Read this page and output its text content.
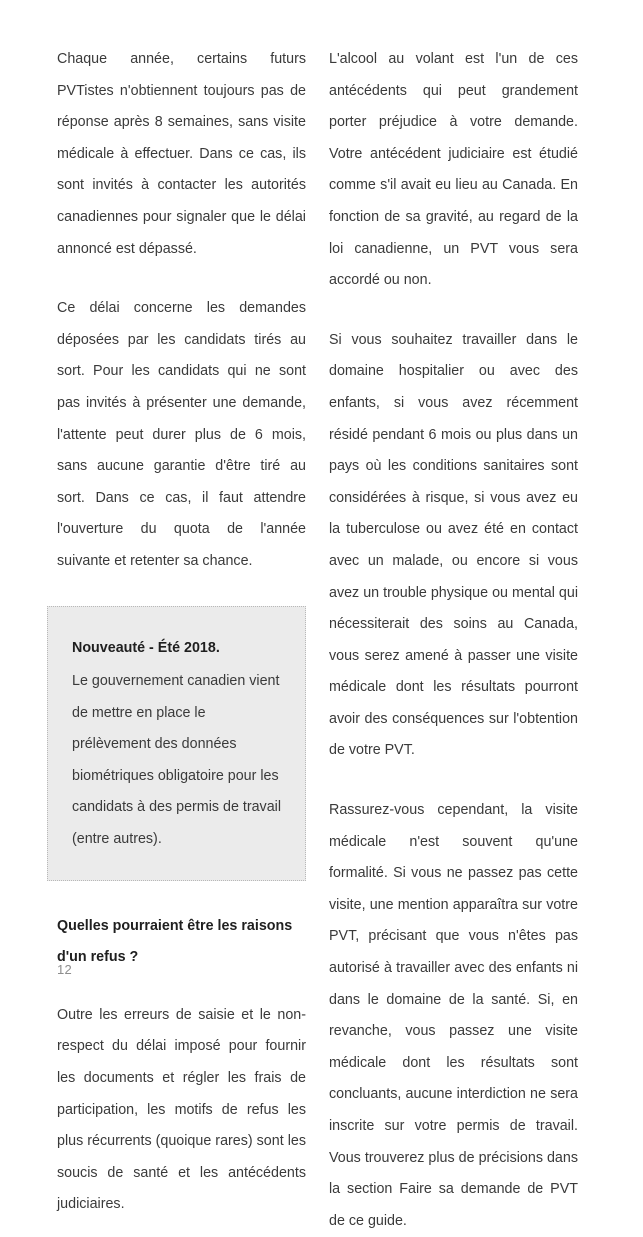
Chaque année, certains futurs PVTistes n'obtiennent toujours pas de réponse après 8 semaines, sans visite médicale à effectuer. Dans ce cas, ils sont invités à contacter les autorités canadiennes pour signaler que le délai annoncé est dépassé.

Ce délai concerne les demandes déposées par les candidats tirés au sort. Pour les candidats qui ne sont pas invités à présenter une demande, l'attente peut durer plus de 6 mois, sans aucune garantie d'être tiré au sort. Dans ce cas, il faut attendre l'ouverture du quota de l'année suivante et retenter sa chance.

Nouveauté - Été 2018.

Le gouvernement canadien vient de mettre en place le prélèvement des données biométriques obligatoire pour les candidats à des permis de travail (entre autres).

Quelles pourraient être les raisons d'un refus ?

Outre les erreurs de saisie et le non-respect du délai imposé pour fournir les documents et régler les frais de participation, les motifs de refus les plus récurrents (quoique rares) sont les soucis de santé et les antécédents judiciaires.

L'alcool au volant est l'un de ces antécédents qui peut grandement porter préjudice à votre demande. Votre antécédent judiciaire est étudié comme s'il avait eu lieu au Canada. En fonction de sa gravité, au regard de la loi canadienne, un PVT vous sera accordé ou non.

Si vous souhaitez travailler dans le domaine hospitalier ou avec des enfants, si vous avez récemment résidé pendant 6 mois ou plus dans un pays où les conditions sanitaires sont considérées à risque, si vous avez eu la tuberculose ou avez été en contact avec un malade, ou encore si vous avez un trouble physique ou mental qui nécessiterait des soins au Canada, vous serez amené à passer une visite médicale dont les résultats pourront avoir des conséquences sur l'obtention de votre PVT.

Rassurez-vous cependant, la visite médicale n'est souvent qu'une formalité. Si vous ne passez pas cette visite, une mention apparaîtra sur votre PVT, précisant que vous n'êtes pas autorisé à travailler avec des enfants ni dans le domaine de la santé. Si, en revanche, vous passez une visite médicale dont les résultats sont concluants, aucune interdiction ne sera inscrite sur votre permis de travail. Vous trouverez plus de précisions dans la section Faire sa demande de PVT de ce guide.

12
